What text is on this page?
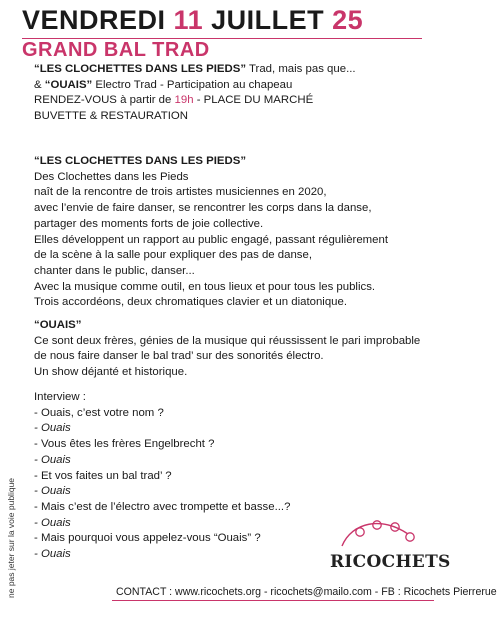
VENDREDI 11 JUILLET 25
GRAND BAL TRAD
“LES CLOCHETTES DANS LES PIEDS” Trad, mais pas que...
& “OUAIS” Electro Trad - Participation au chapeau
RENDEZ-VOUS à partir de 19h - PLACE DU MARCHÉ
BUVETTE & RESTAURATION
“LES CLOCHETTES DANS LES PIEDS”
Des Clochettes dans les Pieds
naît de la rencontre de trois artistes musiciennes en 2020,
avec l’envie de faire danser, se rencontrer les corps dans la danse,
partager des moments forts de joie collective.
Elles développent un rapport au public engagé, passant régulièrement
de la scène à la salle pour expliquer des pas de danse,
chanter dans le public, danser...
Avec la musique comme outil, en tous lieux et pour tous les publics.
Trois accordéons, deux chromatiques clavier et un diatonique.
“OUAIS”
Ce sont deux frères, génies de la musique qui réussissent le pari improbable
de nous faire danser le bal trad’ sur des sonorités électro.
Un show déjanté et historique.
Interview :
- Ouais, c’est votre nom ?
- Ouais
- Vous êtes les frères Engelbrecht ?
- Ouais
- Et vos faites un bal trad’ ?
- Ouais
- Mais c’est de l’électro avec trompette et basse...?
- Ouais
- Mais pourquoi vous appelez-vous “Ouais” ?
- Ouais
ne pas jeter sur la voie publique	RICOCHETS
CONTACT : www.ricochets.org - ricochets@mailo.com - FB : Ricochets Pierrerue
